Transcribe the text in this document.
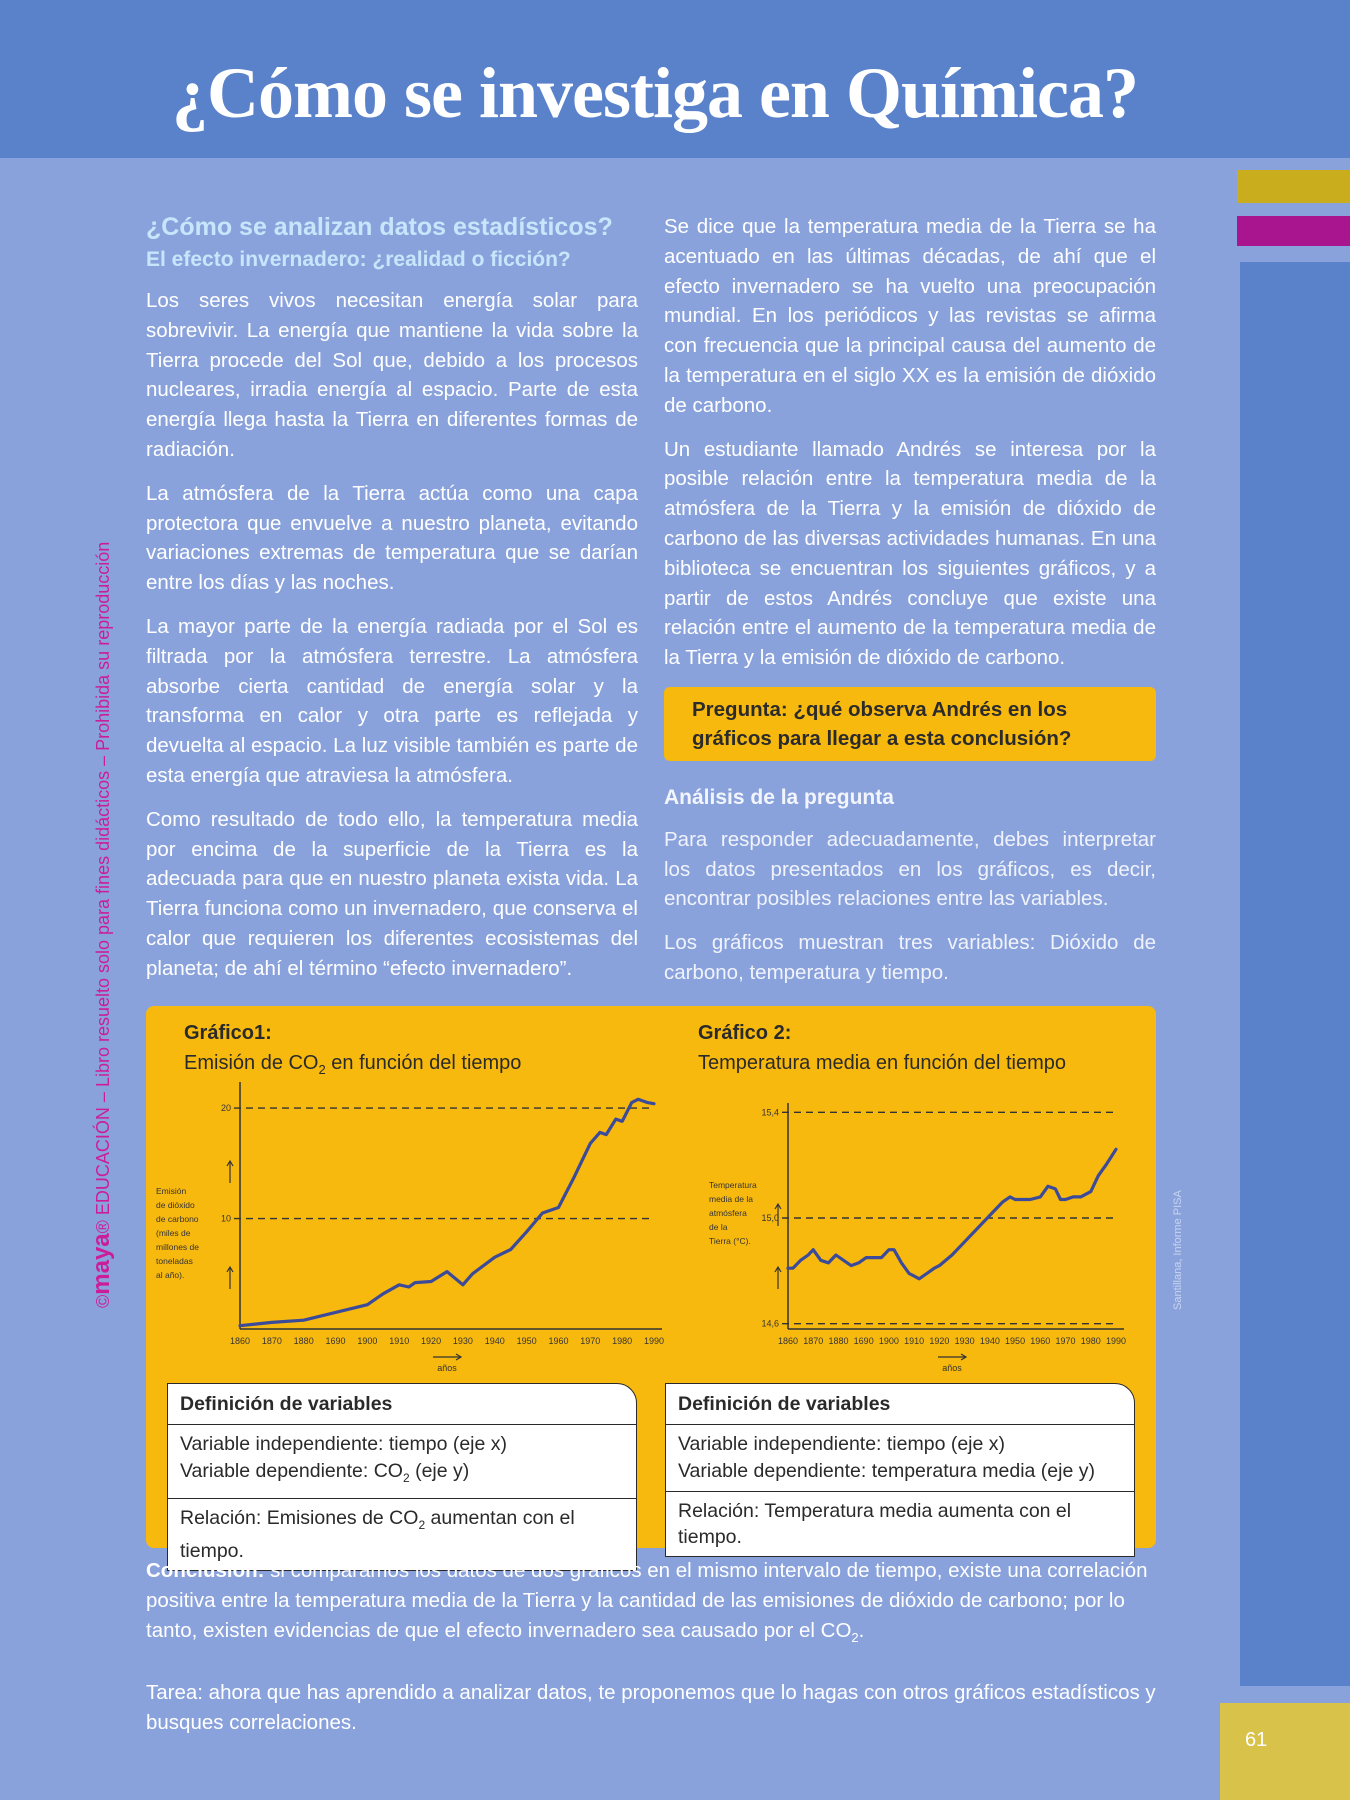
¿Cómo se investiga en Química?
61
©maya® EDUCACIÓN – Libro resuelto solo para fines didácticos – Prohibida su reproducción
Santillana, Informe PISA
¿Cómo se analizan datos estadísticos?
El efecto invernadero: ¿realidad o ficción?

Los seres vivos necesitan energía solar para sobrevivir. La energía que mantiene la vida sobre la Tierra procede del Sol que, debido a los procesos nucleares, irradia energía al espacio. Parte de esta energía llega hasta la Tierra en diferentes formas de radiación.

La atmósfera de la Tierra actúa como una capa protectora que envuelve a nuestro planeta, evitando variaciones extremas de temperatura que se darían entre los días y las noches.

La mayor parte de la energía radiada por el Sol es filtrada por la atmósfera terrestre. La atmósfera absorbe cierta cantidad de energía solar y la transforma en calor y otra parte es reflejada y devuelta al espacio. La luz visible también es parte de esta energía que atraviesa la atmósfera.

Como resultado de todo ello, la temperatura media por encima de la superficie de la Tierra es la adecuada para que en nuestro planeta exista vida. La Tierra funciona como un invernadero, que conserva el calor que requieren los diferentes ecosistemas del planeta; de ahí el término “efecto invernadero”.

Se dice que la temperatura media de la Tierra se ha acentuado en las últimas décadas, de ahí que el efecto invernadero se ha vuelto una preocupación mundial. En los periódicos y las revistas se afirma con frecuencia que la principal causa del aumento de la temperatura en el siglo XX es la emisión de dióxido de carbono.

Un estudiante llamado Andrés se interesa por la posible relación entre la temperatura media de la atmósfera de la Tierra y la emisión de dióxido de carbono de las diversas actividades humanas. En una biblioteca se encuentran los siguientes gráficos, y a partir de estos Andrés concluye que existe una relación entre el aumento de la temperatura media de la Tierra y la emisión de dióxido de carbono.

Pregunta: ¿qué observa Andrés en los gráficos para llegar a esta conclusión?
Análisis de la pregunta

Para responder adecuadamente, debes interpretar los datos presentados en los gráficos, es decir, encontrar posibles relaciones entre las variables.

Los gráficos muestran tres variables: Dióxido de carbono, temperatura y tiempo.

Gráfico1:
Emisión de $CO_2$ en función del tiempo
Gráfico 2:
Temperatura media en función del tiempo
10
20
1860 1870 1880 1690 1900 1910 1920 1930 1940 1950 1960 1970 1980 1990
Emisión
de dióxido
de carbono
(miles de
millones de
toneladas
al año).
años
14,6
15,0
15,4
1860 1870 1880 1690 1900 1910 1920 1930 1940 1950 1960 1970 1980 1990
Temperatura
media de la
atmósfera
de la
Tierra (°C).
años
Definición de variables
Variable independiente: tiempo (eje x)
Variable dependiente: $CO_2$ (eje y)
Relación: Emisiones de $CO_2$ aumentan con el tiempo.
Definición de variables
Variable independiente: tiempo (eje x)
Variable dependiente: temperatura media (eje y)
Relación: Temperatura media aumenta con el tiempo.

Conclusión: si comparamos los datos de dos gráficos en el mismo intervalo de tiempo, existe una correlación positiva entre la temperatura media de la Tierra y la cantidad de las emisiones de dióxido de carbono; por lo tanto, existen evidencias de que el efecto invernadero sea causado por el $CO_2$.

Tarea: ahora que has aprendido a analizar datos, te proponemos que lo hagas con otros gráficos estadísticos y busques correlaciones.
